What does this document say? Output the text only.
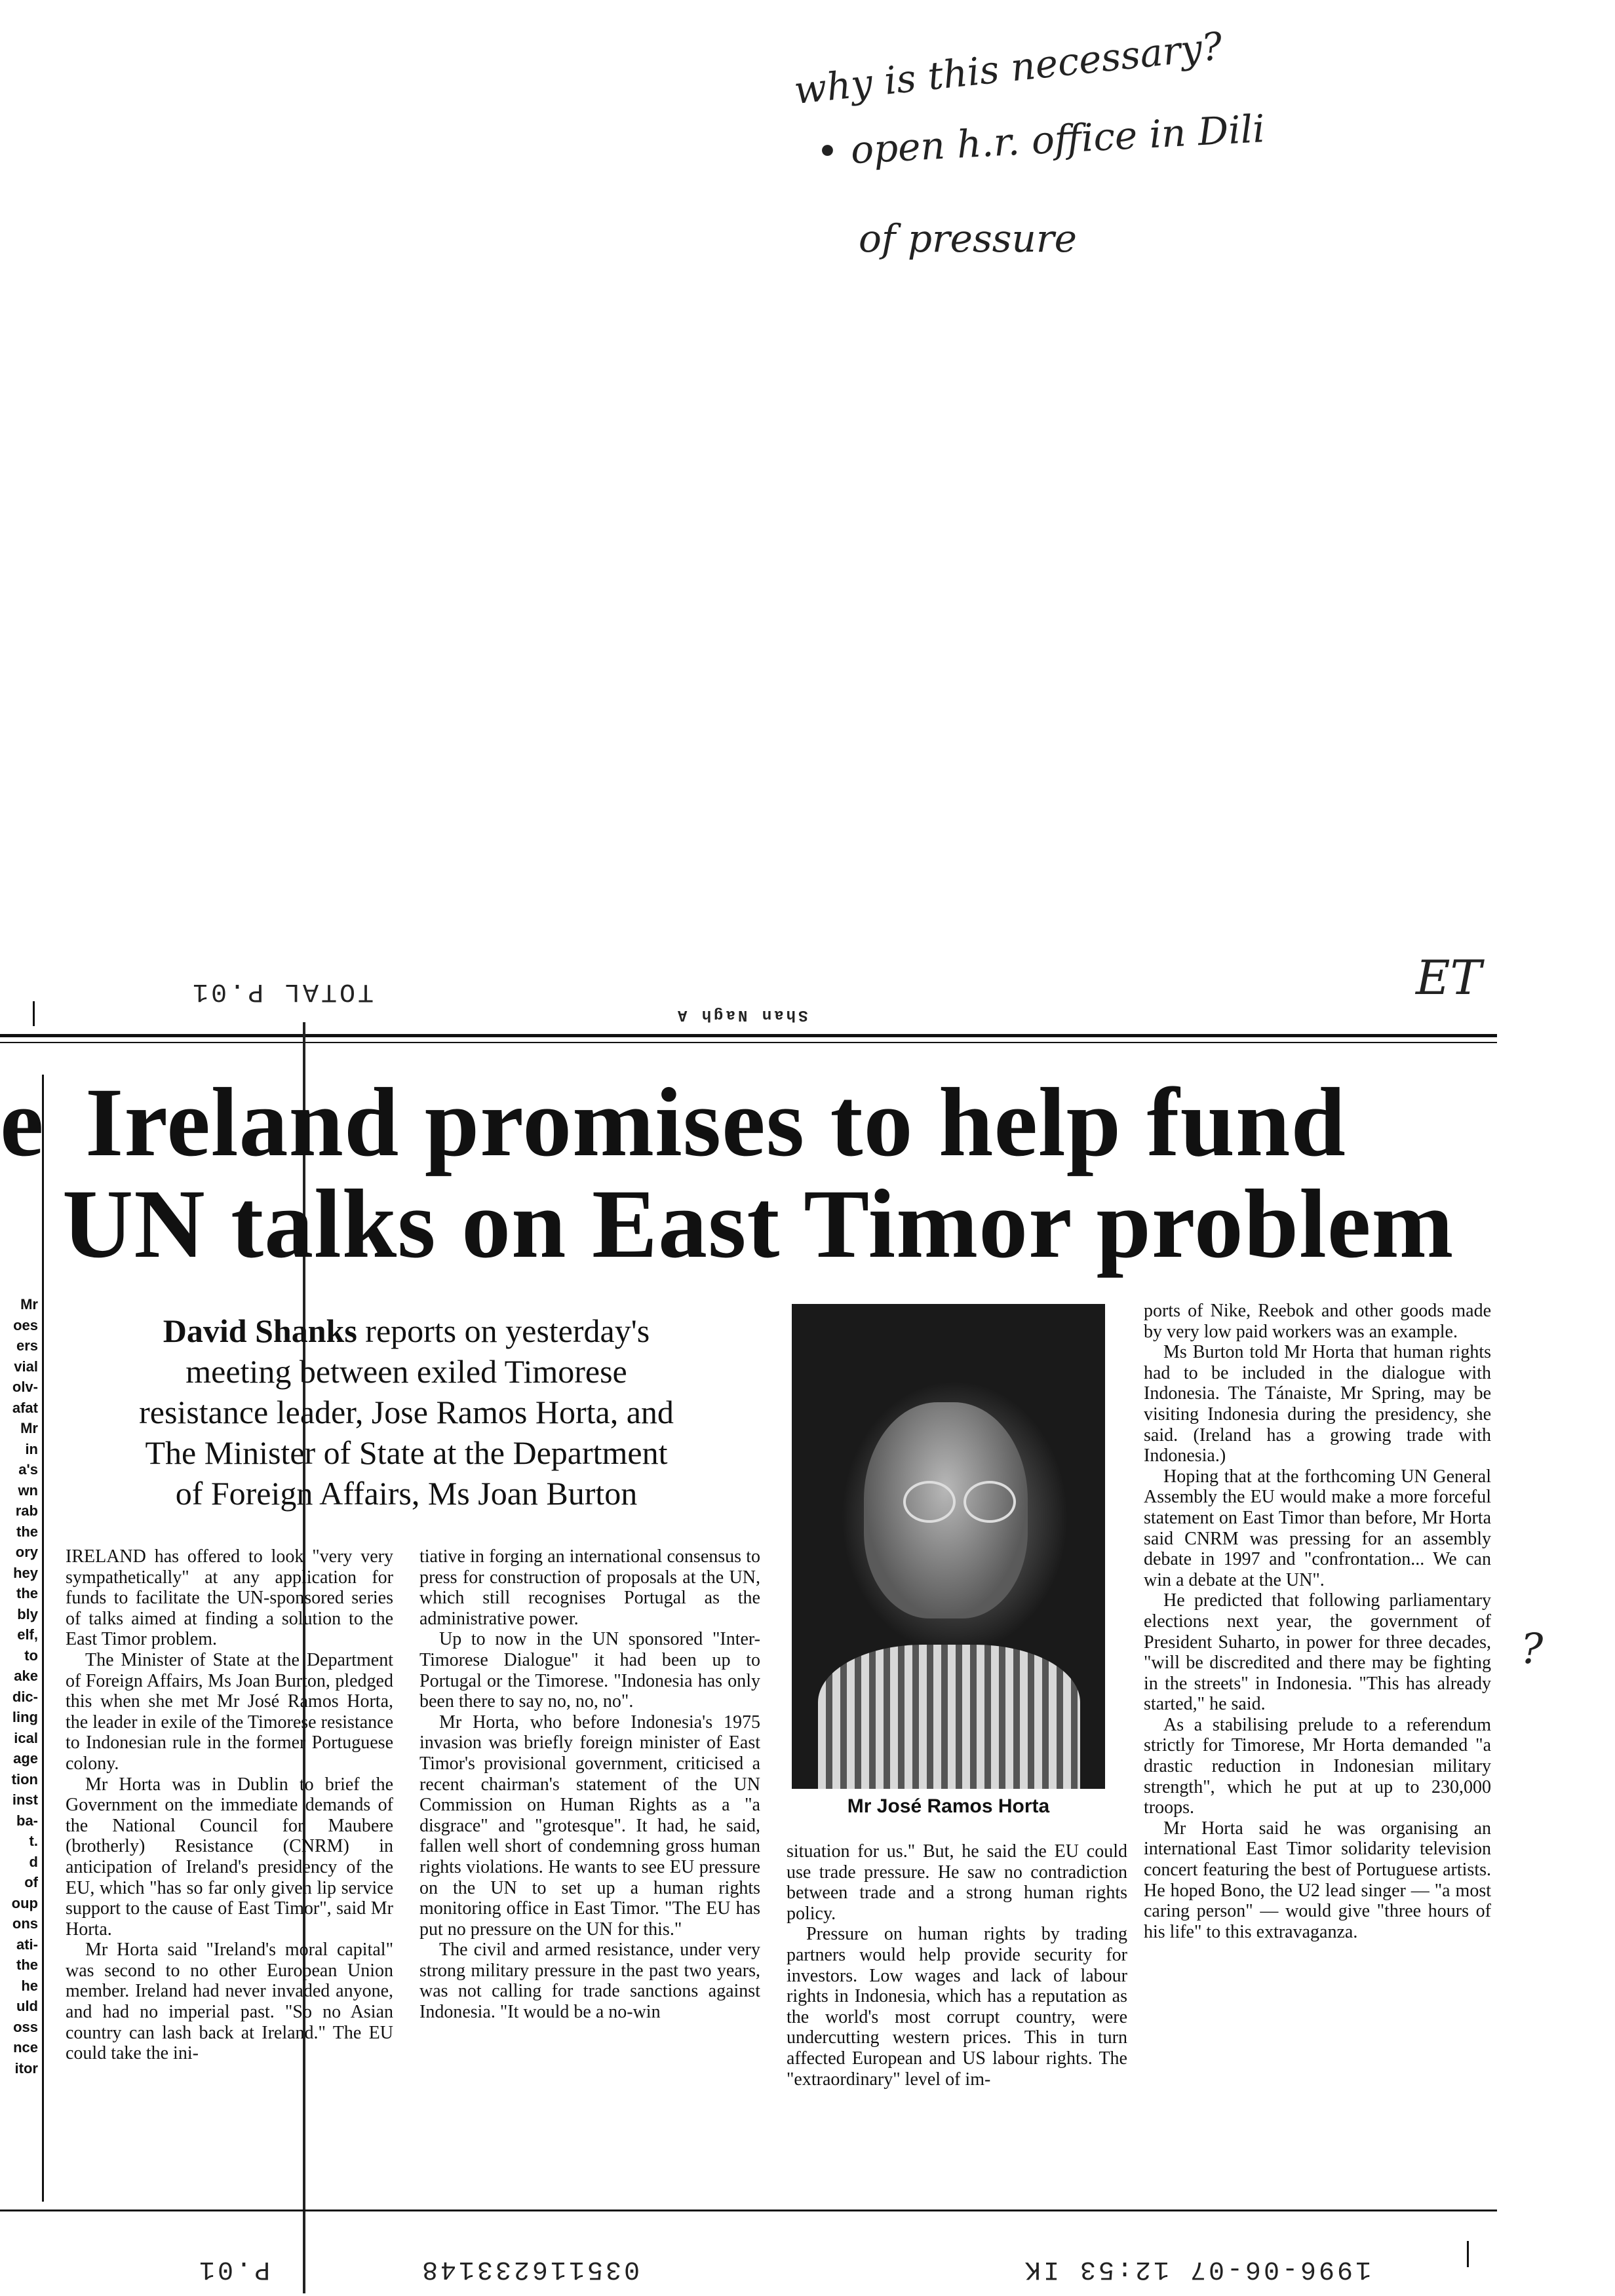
why is this necessary?
• open h.r. office in Dili
of pressure
ET
?
TOTAL P.01
Shan Nagh A
e Ireland promises to help fund
UN talks on East Timor problem
David Shanks reports on yesterday's
meeting between exiled Timorese
resistance leader, Jose Ramos Horta, and
The Minister of State at the Department
of Foreign Affairs, Ms Joan Burton
Mr José Ramos Horta
Mr oes ers vial olv- afat Mr in a's wn rab the ory hey the bly elf, to ake dic- ling ical age tion inst ba- t. d of oup ons ati- the he uld oss nce itor

IRELAND has offered to look "very very sympathetically" at any application for funds to facilitate the UN-sponsored series of talks aimed at finding a solution to the East Timor problem.

The Minister of State at the Department of Foreign Affairs, Ms Joan Burton, pledged this when she met Mr José Ramos Horta, the leader in exile of the Timorese resistance to Indonesian rule in the former Portuguese colony.

Mr Horta was in Dublin to brief the Government on the immediate demands of the National Council for Maubere (brotherly) Resistance (CNRM) in anticipation of Ireland's presidency of the EU, which "has so far only given lip service support to the cause of East Timor", said Mr Horta.

Mr Horta said "Ireland's moral capital" was second to no other European Union member. Ireland had never invaded anyone, and had no imperial past. "So no Asian country can lash back at Ireland." The EU could take the ini-

tiative in forging an international consensus to press for construction of proposals at the UN, which still recognises Portugal as the administrative power.

Up to now in the UN sponsored "Inter-Timorese Dialogue" it had been up to Portugal or the Timorese. "Indonesia has only been there to say no, no, no".

Mr Horta, who before Indonesia's 1975 invasion was briefly foreign minister of East Timor's provisional government, criticised a recent chairman's statement of the UN Commission on Human Rights as a "a disgrace" and "grotesque". It had, he said, fallen well short of condemning gross human rights violations. He wants to see EU pressure on the UN to set up a human rights monitoring office in East Timor. "The EU has put no pressure on the UN for this."

The civil and armed resistance, under very strong military pressure in the past two years, was not calling for trade sanctions against Indonesia. "It would be a no-win

situation for us." But, he said the EU could use trade pressure. He saw no contradiction between trade and a strong human rights policy.

Pressure on human rights by trading partners would help provide security for investors. Low wages and lack of labour rights in Indonesia, which has a reputation as the world's most corrupt country, were undercutting western prices. This in turn affected European and US labour rights. The "extraordinary" level of im-

ports of Nike, Reebok and other goods made by very low paid workers was an example.

Ms Burton told Mr Horta that human rights had to be included in the dialogue with Indonesia. The Tánaiste, Mr Spring, may be visiting Indonesia during the presidency, she said. (Ireland has a growing trade with Indonesia.)

Hoping that at the forthcoming UN General Assembly the EU would make a more forceful statement on East Timor than before, Mr Horta said CNRM was pressing for an assembly debate in 1997 and "confrontation... We can win a debate at the UN".

He predicted that following parliamentary elections next year, the government of President Suharto, in power for three decades, "will be discredited and there may be fighting in the streets" in Indonesia. "This has already started," he said.

As a stabilising prelude to a referendum strictly for Timorese, Mr Horta demanded "a drastic reduction in Indonesian military strength", which he put at up to 230,000 troops.

Mr Horta said he was organising an international East Timor solidarity television concert featuring the best of Portuguese artists. He hoped Bono, the U2 lead singer — "a most caring person" — would give "three hours of his life" to this extravaganza.

P.01	035116233148	1996-06-07 12:53 IK
